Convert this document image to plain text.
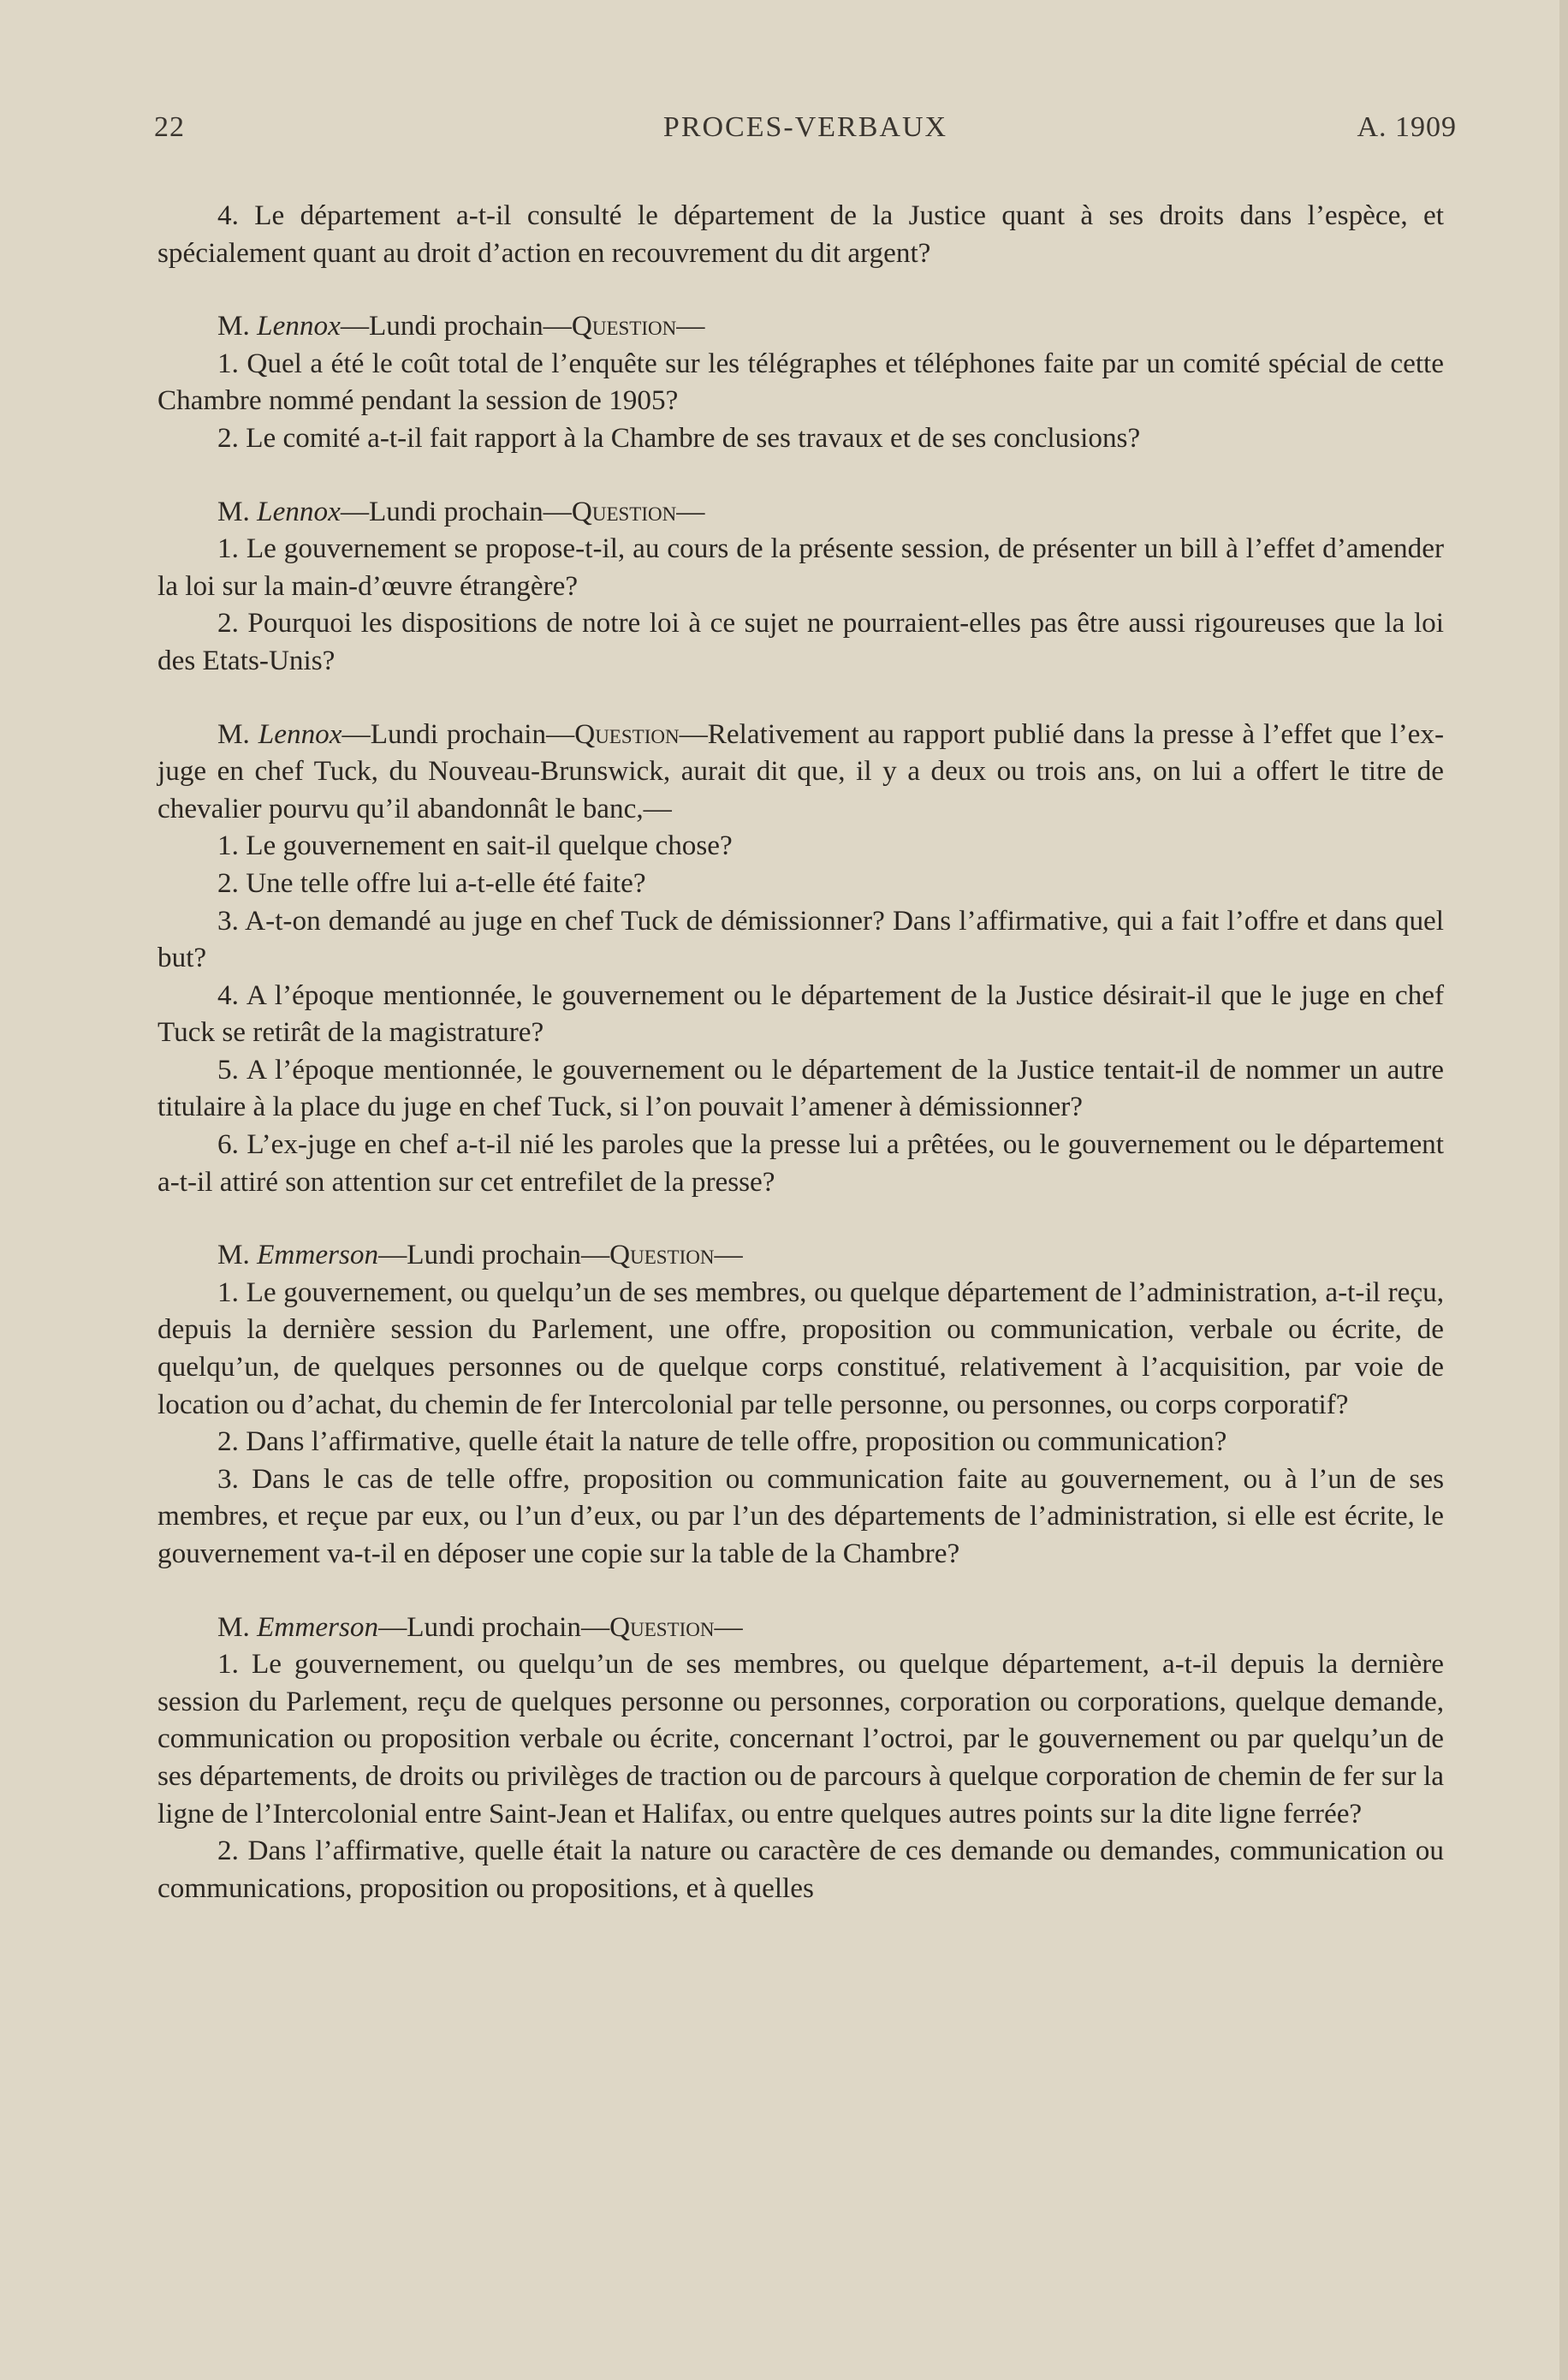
22	PROCES-VERBAUX	A. 1909

4. Le département a-t-il consulté le département de la Justice quant à ses droits dans l’espèce, et spécialement quant au droit d’action en recouvrement du dit argent?

M. Lennox—Lundi prochain—Question—

1. Quel a été le coût total de l’enquête sur les télégraphes et téléphones faite par un comité spécial de cette Chambre nommé pendant la session de 1905?

2. Le comité a-t-il fait rapport à la Chambre de ses travaux et de ses conclusions?

M. Lennox—Lundi prochain—Question—

1. Le gouvernement se propose-t-il, au cours de la présente session, de présenter un bill à l’effet d’amender la loi sur la main-d’œuvre étrangère?

2. Pourquoi les dispositions de notre loi à ce sujet ne pourraient-elles pas être aussi rigoureuses que la loi des Etats-Unis?

M. Lennox—Lundi prochain—Question—Relativement au rapport publié dans la presse à l’effet que l’ex-juge en chef Tuck, du Nouveau-Brunswick, aurait dit que, il y a deux ou trois ans, on lui a offert le titre de chevalier pourvu qu’il abandonnât le banc,—

1. Le gouvernement en sait-il quelque chose?

2. Une telle offre lui a-t-elle été faite?

3. A-t-on demandé au juge en chef Tuck de démissionner? Dans l’affirmative, qui a fait l’offre et dans quel but?

4. A l’époque mentionnée, le gouvernement ou le département de la Justice désirait-il que le juge en chef Tuck se retirât de la magistrature?

5. A l’époque mentionnée, le gouvernement ou le département de la Justice tentait-il de nommer un autre titulaire à la place du juge en chef Tuck, si l’on pouvait l’amener à démissionner?

6. L’ex-juge en chef a-t-il nié les paroles que la presse lui a prêtées, ou le gouvernement ou le département a-t-il attiré son attention sur cet entrefilet de la presse?

M. Emmerson—Lundi prochain—Question—

1. Le gouvernement, ou quelqu’un de ses membres, ou quelque département de l’administration, a-t-il reçu, depuis la dernière session du Parlement, une offre, proposition ou communication, verbale ou écrite, de quelqu’un, de quelques personnes ou de quelque corps constitué, relativement à l’acquisition, par voie de location ou d’achat, du chemin de fer Intercolonial par telle personne, ou personnes, ou corps corporatif?

2. Dans l’affirmative, quelle était la nature de telle offre, proposition ou communication?

3. Dans le cas de telle offre, proposition ou communication faite au gouvernement, ou à l’un de ses membres, et reçue par eux, ou l’un d’eux, ou par l’un des départements de l’administration, si elle est écrite, le gouvernement va-t-il en déposer une copie sur la table de la Chambre?

M. Emmerson—Lundi prochain—Question—

1. Le gouvernement, ou quelqu’un de ses membres, ou quelque département, a-t-il depuis la dernière session du Parlement, reçu de quelques personne ou personnes, corporation ou corporations, quelque demande, communication ou proposition verbale ou écrite, concernant l’octroi, par le gouvernement ou par quelqu’un de ses départements, de droits ou privilèges de traction ou de parcours à quelque corporation de chemin de fer sur la ligne de l’Intercolonial entre Saint-Jean et Halifax, ou entre quelques autres points sur la dite ligne ferrée?

2. Dans l’affirmative, quelle était la nature ou caractère de ces demande ou demandes, communication ou communications, proposition ou propositions, et à quelles
